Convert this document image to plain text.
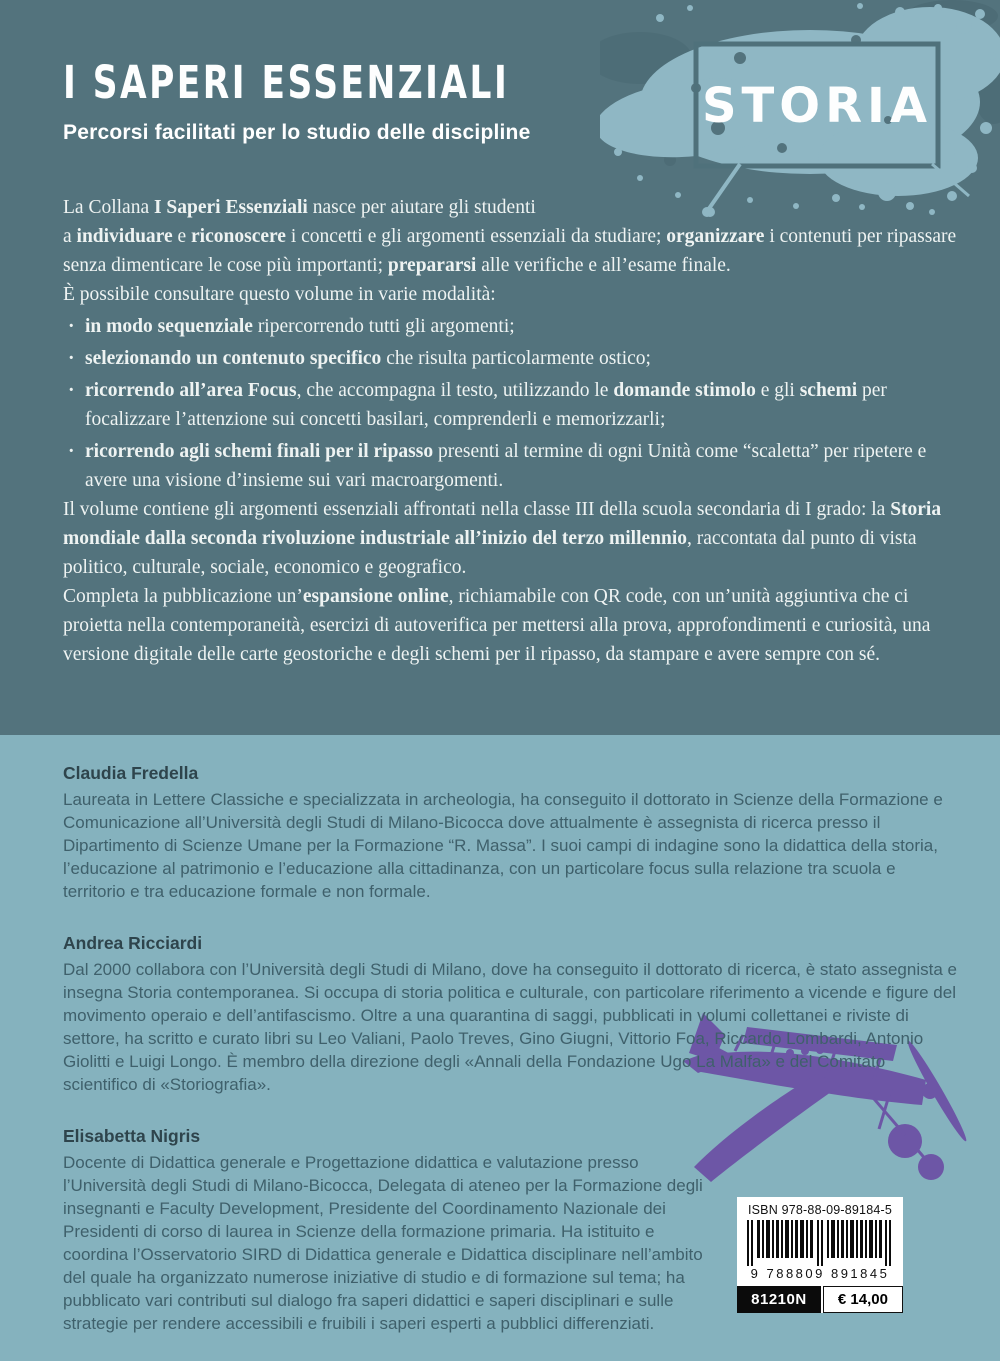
STORIA
I SAPERI ESSENZIALI
Percorsi facilitati per lo studio delle discipline

La Collana I Saperi Essenziali nasce per aiutare gli studenti
a individuare e riconoscere i concetti e gli argomenti essenziali da studiare; organizzare i contenuti per ripassare senza dimenticare le cose più importanti; prepararsi alle verifiche e all’esame finale.

È possibile consultare questo volume in varie modalità:

· in modo sequenziale ripercorrendo tutti gli argomenti;
· selezionando un contenuto specifico che risulta particolarmente ostico;
· ricorrendo all’area Focus, che accompagna il testo, utilizzando le domande stimolo e gli schemi per focalizzare l’attenzione sui concetti basilari, comprenderli e memorizzarli;
· ricorrendo agli schemi finali per il ripasso presenti al termine di ogni Unità come “scaletta” per ripetere e avere una visione d’insieme sui vari macroargomenti.

Il volume contiene gli argomenti essenziali affrontati nella classe III della scuola secondaria di I grado: la Storia mondiale dalla seconda rivoluzione industriale all’inizio del terzo millennio, raccontata dal punto di vista politico, culturale, sociale, economico e geografico.

Completa la pubblicazione un’espansione online, richiamabile con QR code, con un’unità aggiuntiva che ci proietta nella contemporaneità, esercizi di autoverifica per mettersi alla prova, approfondimenti e curiosità, una versione digitale delle carte geostoriche e degli schemi per il ripasso, da stampare e avere sempre con sé.

Claudia Fredella

Laureata in Lettere Classiche e specializzata in archeologia, ha conseguito il dottorato in Scienze della Formazione e Comunicazione all’Università degli Studi di Milano-Bicocca dove attualmente è assegnista di ricerca presso il Dipartimento di Scienze Umane per la Formazione “R. Massa”. I suoi campi di indagine sono la didattica della storia, l’educazione al patrimonio e l’educazione alla cittadinanza, con un particolare focus sulla relazione tra scuola e territorio e tra educazione formale e non formale.

Andrea Ricciardi

Dal 2000 collabora con l’Università degli Studi di Milano, dove ha conseguito il dottorato di ricerca, è stato assegnista e insegna Storia contemporanea. Si occupa di storia politica e culturale, con particolare riferimento a vicende e figure del movimento operaio e dell’antifascismo. Oltre a una quarantina di saggi, pubblicati in volumi collettanei e riviste di settore, ha scritto e curato libri su Leo Valiani, Paolo Treves, Gino Giugni, Vittorio Foa, Riccardo Lombardi, Antonio Giolitti e Luigi Longo. È membro della direzione degli «Annali della Fondazione Ugo La Malfa» e del Comitato scientifico di «Storiografia».

Elisabetta Nigris

Docente di Didattica generale e Progettazione didattica e valutazione presso l’Università degli Studi di Milano-Bicocca, Delegata di ateneo per la Formazione degli insegnanti e Faculty Development, Presidente del Coordinamento Nazionale dei Presidenti di corso di laurea in Scienze della formazione primaria. Ha istituito e coordina l’Osservatorio SIRD di Didattica generale e Didattica disciplinare nell’ambito del quale ha organizzato numerose iniziative di studio e di formazione sul tema; ha pubblicato vari contributi sul dialogo fra saperi didattici e saperi disciplinari e sulle strategie per rendere accessibili e fruibili i saperi esperti a pubblici differenziati.

ISBN 978-88-09-89184-5
9 788809 891845
81210N	€ 14,00
